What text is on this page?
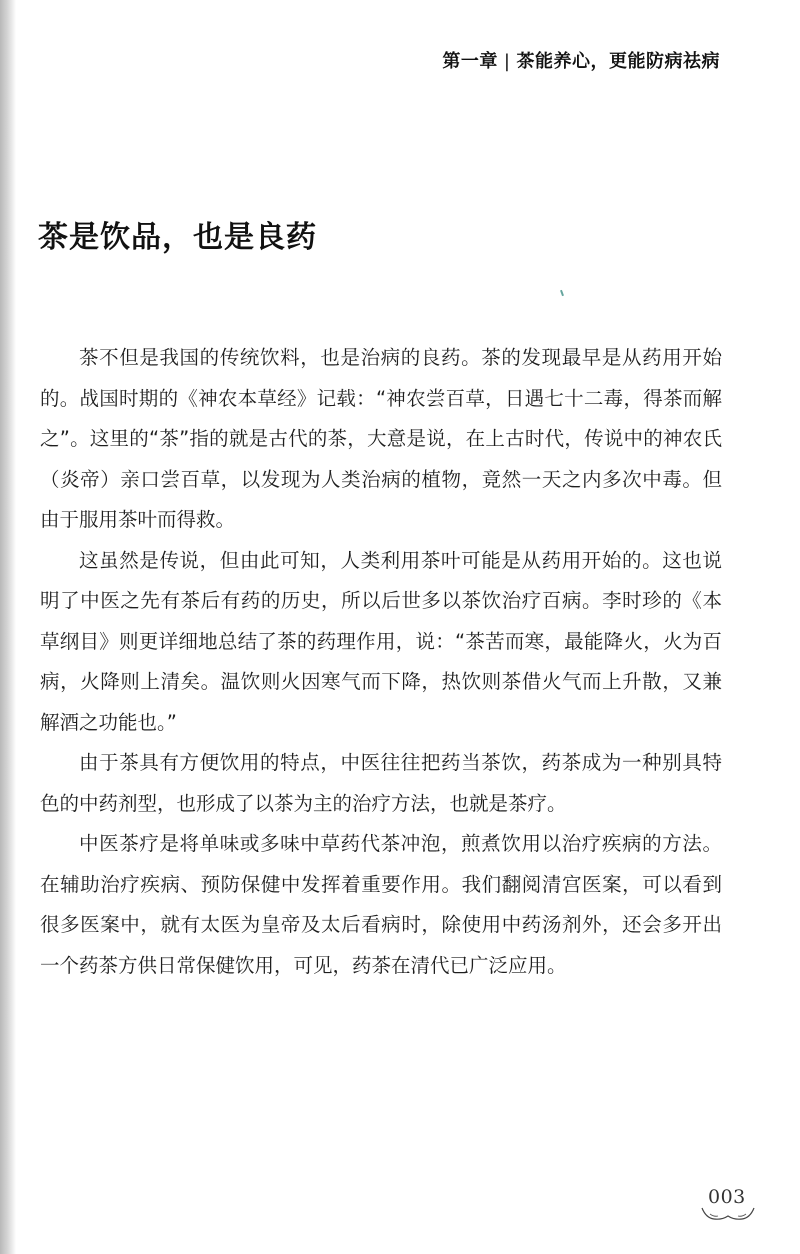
第一章 | 茶能养心，更能防病祛病
茶是饮品，也是良药

茶不但是我国的传统饮料，也是治病的良药。茶的发现最早是从药用开始的。战国时期的《神农本草经》记载：“神农尝百草，日遇七十二毒，得茶而解之”。这里的“茶”指的就是古代的茶，大意是说，在上古时代，传说中的神农氏（炎帝）亲口尝百草，以发现为人类治病的植物，竟然一天之内多次中毒。但由于服用茶叶而得救。

这虽然是传说，但由此可知，人类利用茶叶可能是从药用开始的。这也说明了中医之先有茶后有药的历史，所以后世多以茶饮治疗百病。李时珍的《本草纲目》则更详细地总结了茶的药理作用，说：“茶苦而寒，最能降火，火为百病，火降则上清矣。温饮则火因寒气而下降，热饮则茶借火气而上升散，又兼解酒之功能也。”

由于茶具有方便饮用的特点，中医往往把药当茶饮，药茶成为一种别具特色的中药剂型，也形成了以茶为主的治疗方法，也就是茶疗。

中医茶疗是将单味或多味中草药代茶冲泡，煎煮饮用以治疗疾病的方法。在辅助治疗疾病、预防保健中发挥着重要作用。我们翻阅清宫医案，可以看到很多医案中，就有太医为皇帝及太后看病时，除使用中药汤剂外，还会多开出一个药茶方供日常保健饮用，可见，药茶在清代已广泛应用。

003
